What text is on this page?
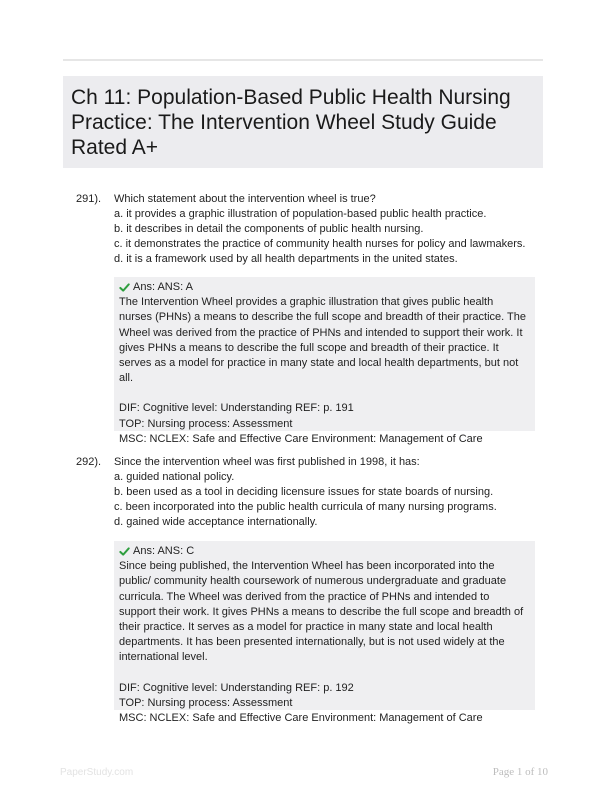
Ch 11: Population-Based Public Health Nursing Practice: The Intervention Wheel Study Guide Rated A+
291).	Which statement about the intervention wheel is true?

a. it provides a graphic illustration of population-based public health practice.
b. it describes in detail the components of public health nursing.
c. it demonstrates the practice of community health nurses for policy and lawmakers.
d. it is a framework used by all health departments in the united states.
Ans: ANS: A

The Intervention Wheel provides a graphic illustration that gives public health nurses (PHNs) a means to describe the full scope and breadth of their practice. The Wheel was derived from the practice of PHNs and intended to support their work. It gives PHNs a means to describe the full scope and breadth of their practice. It serves as a model for practice in many state and local health departments, but not all.

DIF: Cognitive level: Understanding REF: p. 191
TOP: Nursing process: Assessment
MSC: NCLEX: Safe and Effective Care Environment: Management of Care
292).	Since the intervention wheel was first published in 1998, it has:

a. guided national policy.
b. been used as a tool in deciding licensure issues for state boards of nursing.
c. been incorporated into the public health curricula of many nursing programs.
d. gained wide acceptance internationally.
Ans: ANS: C

Since being published, the Intervention Wheel has been incorporated into the public/ community health coursework of numerous undergraduate and graduate curricula. The Wheel was derived from the practice of PHNs and intended to support their work. It gives PHNs a means to describe the full scope and breadth of their practice. It serves as a model for practice in many state and local health departments. It has been presented internationally, but is not used widely at the international level.

DIF: Cognitive level: Understanding REF: p. 192
TOP: Nursing process: Assessment
MSC: NCLEX: Safe and Effective Care Environment: Management of Care
PaperStudy.com	Page 1 of 10
